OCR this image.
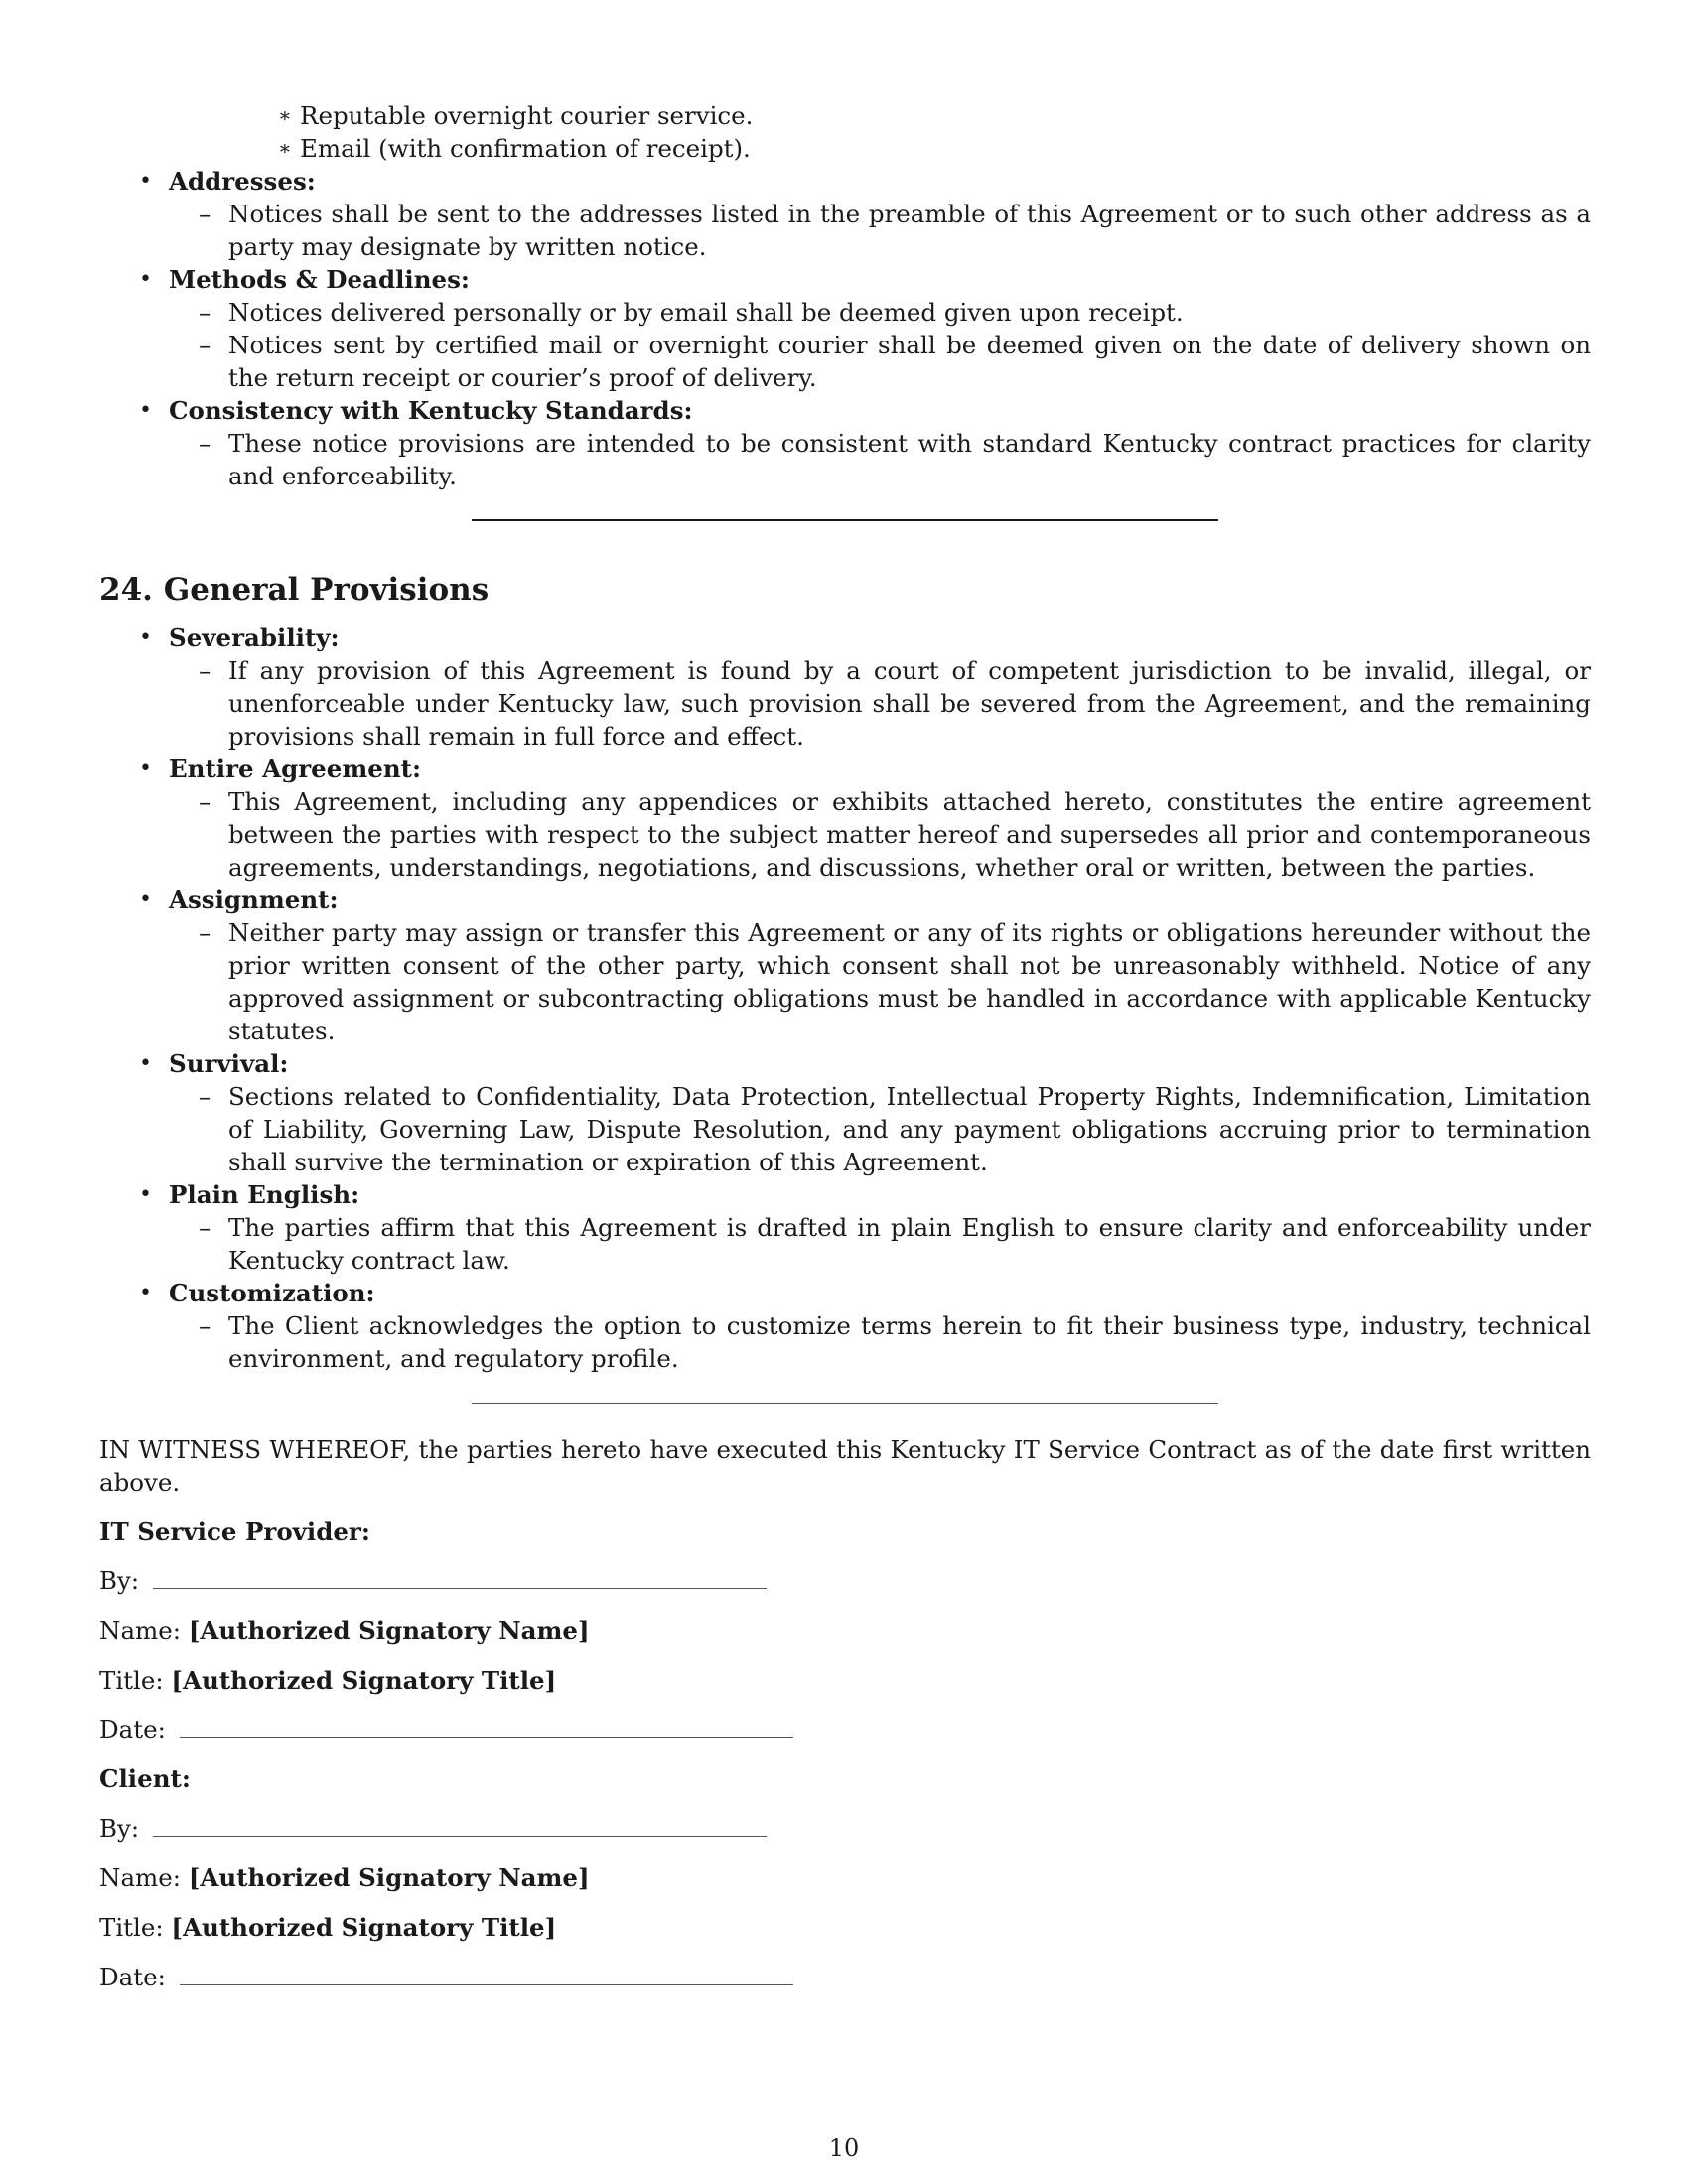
∗ Reputable overnight courier service.
∗ Email (with confirmation of receipt).
• Addresses:
– Notices shall be sent to the addresses listed in the preamble of this Agreement or to such other address as a party may designate by written notice.
• Methods & Deadlines:
– Notices delivered personally or by email shall be deemed given upon receipt.
– Notices sent by certified mail or overnight courier shall be deemed given on the date of delivery shown on the return receipt or courier’s proof of delivery.
• Consistency with Kentucky Standards:
– These notice provisions are intended to be consistent with standard Kentucky contract practices for clarity and enforceability.
24. General Provisions
• Severability:
– If any provision of this Agreement is found by a court of competent jurisdiction to be invalid, illegal, or unenforceable under Kentucky law, such provision shall be severed from the Agreement, and the remaining provisions shall remain in full force and effect.
• Entire Agreement:
– This Agreement, including any appendices or exhibits attached hereto, constitutes the entire agreement between the parties with respect to the subject matter hereof and supersedes all prior and contemporaneous agreements, understandings, negotiations, and discussions, whether oral or written, between the parties.
• Assignment:
– Neither party may assign or transfer this Agreement or any of its rights or obligations hereunder without the prior written consent of the other party, which consent shall not be unreasonably withheld. Notice of any approved assignment or subcontracting obligations must be handled in accordance with applicable Kentucky statutes.
• Survival:
– Sections related to Confidentiality, Data Protection, Intellectual Property Rights, Indemnification, Limitation of Liability, Governing Law, Dispute Resolution, and any payment obligations accruing prior to termination shall survive the termination or expiration of this Agreement.
• Plain English:
– The parties affirm that this Agreement is drafted in plain English to ensure clarity and enforceability under Kentucky contract law.
• Customization:
– The Client acknowledges the option to customize terms herein to fit their business type, industry, technical environment, and regulatory profile.
IN WITNESS WHEREOF, the parties hereto have executed this Kentucky IT Service Contract as of the date first written above.
IT Service Provider:
By:
Name: [Authorized Signatory Name]
Title: [Authorized Signatory Title]
Date:
Client:
By:
Name: [Authorized Signatory Name]
Title: [Authorized Signatory Title]
Date:
10
